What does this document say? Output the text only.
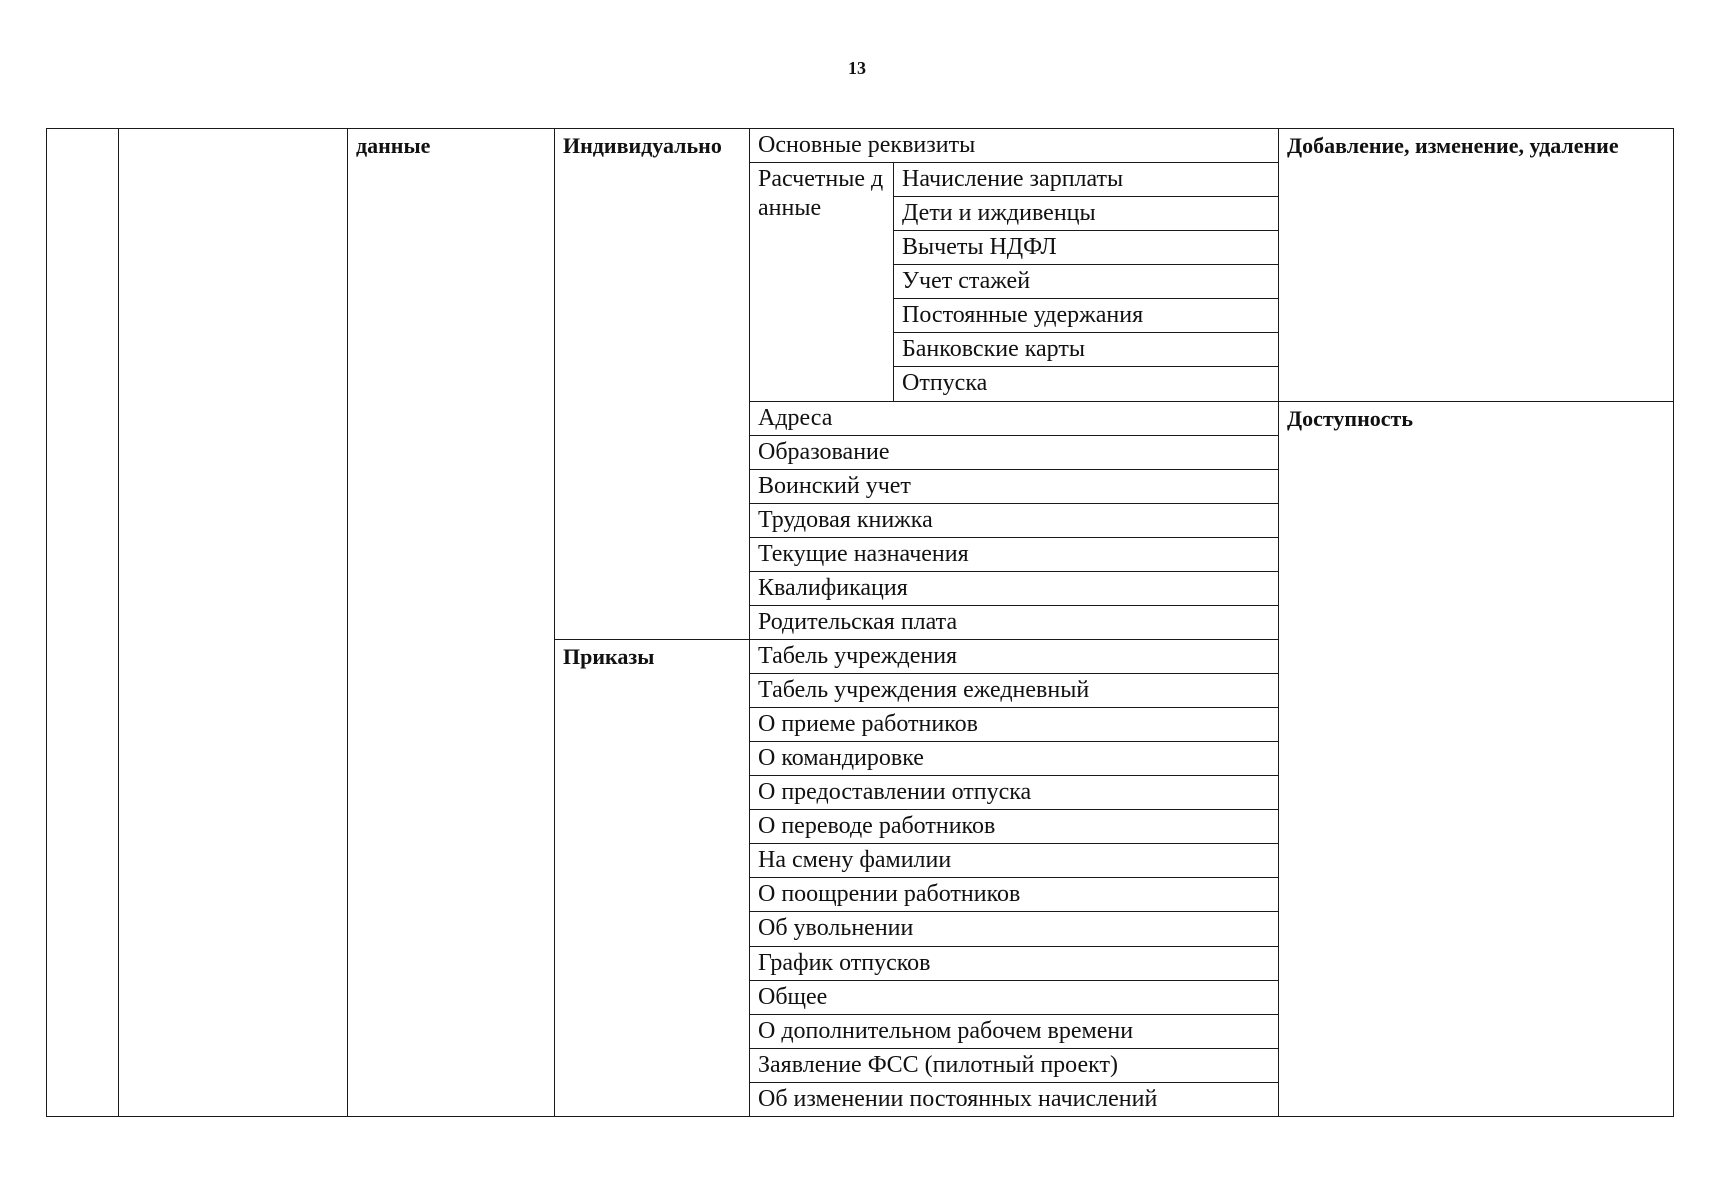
13
		данные	Индивидуально	Основные реквизиты		Добавление, изменение, удаление
				Расчетные данные	Начисление зарплаты	
					Дети и иждивенцы	
					Вычеты НДФЛ	
					Учет стажей	
					Постоянные удержания	
					Банковские карты	
					Отпуска	
				Адреса		Доступность
				Образование		
				Воинский учет		
				Трудовая книжка		
				Текущие назначения		
				Квалификация		
				Родительская плата		
			Приказы	Табель учреждения		
				Табель учреждения ежедневный		
				О приеме работников		
				О командировке		
				О предоставлении отпуска		
				О переводе работников		
				На смену фамилии		
				О поощрении работников		
				Об увольнении		
				График отпусков		
				Общее		
				О дополнительном рабочем времени		
				Заявление ФСС (пилотный проект)		
				Об изменении постоянных начислений		
